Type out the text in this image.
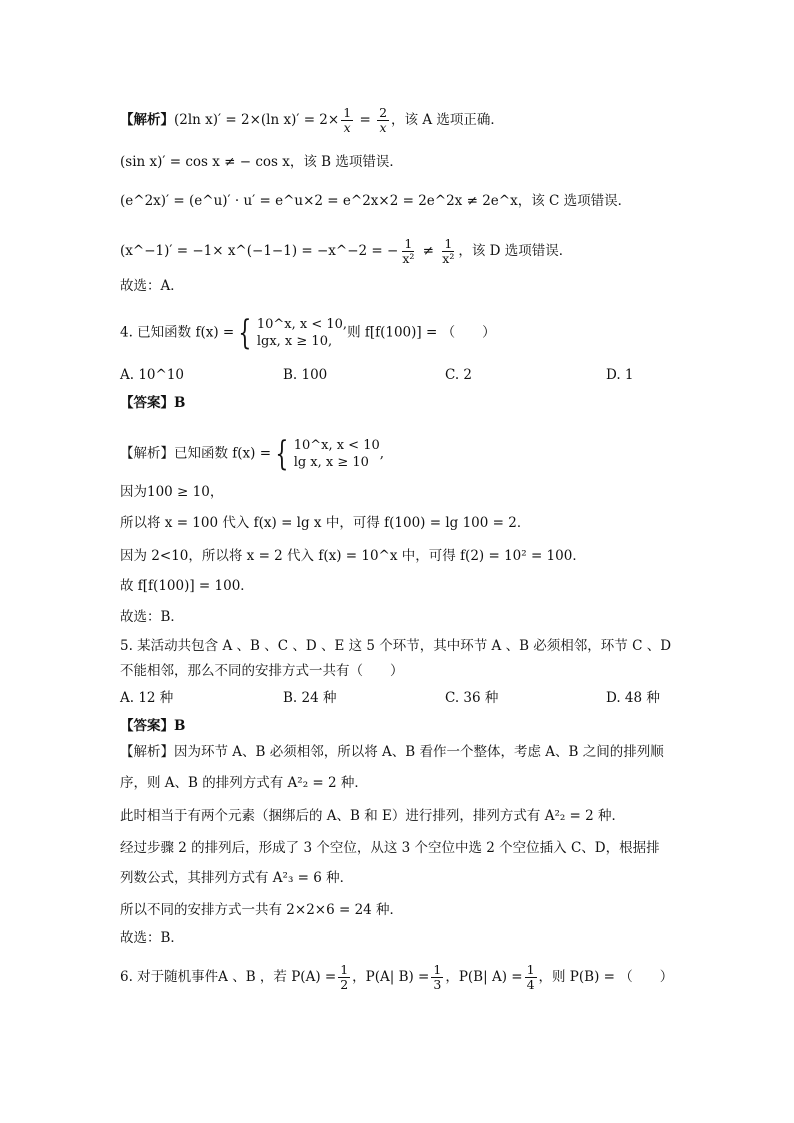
【解析】(2ln x)′ = 2×(ln $x)' = 2\times \frac{1}{x} = \frac{2}{x}$ ，该 A 选项正确．
(sin x)′ = cos x ≠ − cos x，该 B 选项错误．
(e^2x)′ = (e^u)′ · u′ = e^u×2 = e^2x×2 = 2e^2x ≠ 2e^x，该 C 选项错误．
(x^−1)′ = −1× x^(−1−1) = −x^−2 = − $\frac{1}{\text{x²}} \ne \frac{1}{\text{x²}}$ ，该 D 选项错误．
故选：A．
4. 已知函数 f(x) = { 10^x, x < 10,
lgx, x ≥ 10,
则 f[f(100)] = （　　）
A. 10^10	B. 100	C. 2	D. 1
【答案】B
【解析】已知函数 f(x) = { 10^x, x < 10
lg x, x ≥ 10
,
因为100 ≥ 10，
所以将 x = 100 代入 f(x) = lg x 中，可得 f(100) = lg 100 = 2．
因为 2<10，所以将 x = 2 代入 f(x) = 10^x 中，可得 f(2) = 10² = 100．
故 f[f(100)] = 100．
故选：B．
5. 某活动共包含 A 、B 、C 、D 、E 这 5 个环节，其中环节 A 、B 必须相邻，环节 C 、D
不能相邻，那么不同的安排方式一共有（　　）
A. 12 种	B. 24 种	C. 36 种	D. 48 种
【答案】B
【解析】因为环节 A、B 必须相邻，所以将 A、B 看作一个整体，考虑 A、B 之间的排列顺
序，则 A、B 的排列方式有 A²₂ = 2 种．
此时相当于有两个元素（捆绑后的 A、B 和 E）进行排列，排列方式有 A²₂ = 2 种．
经过步骤 2 的排列后，形成了 3 个空位，从这 3 个空位中选 2 个空位插入 C、D，根据排
列数公式，其排列方式有 A²₃ = 6 种．
所以不同的安排方式一共有 2×2×6 = 24 种．
故选：B．
6. 对于随机事件A 、B ，若 $P(A) = \frac{1}{2}$ ，P(A| $B) = \frac{1}{3}$ ，P(B| $A) = \frac{1}{4}$ ，则 P(B) = （　　）
